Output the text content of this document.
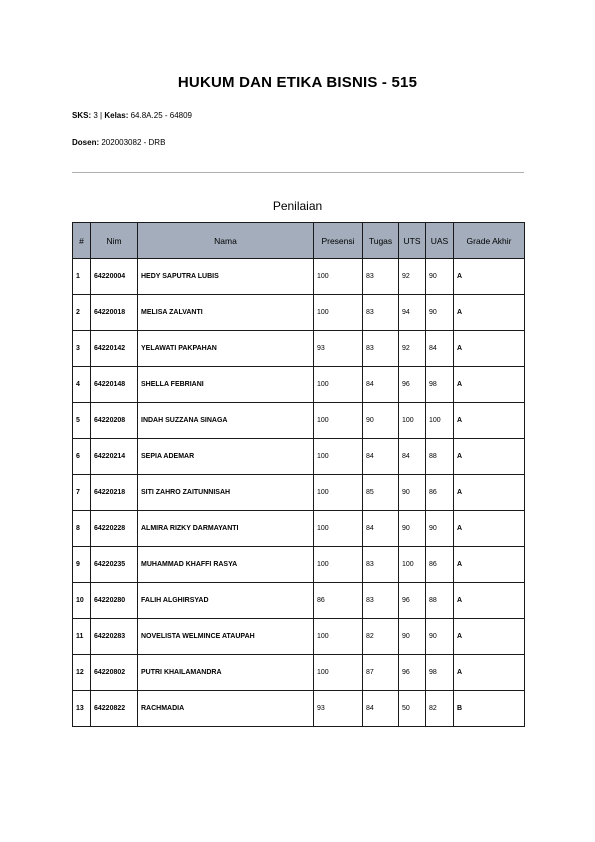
HUKUM DAN ETIKA BISNIS - 515
SKS: 3 | Kelas: 64.8A.25 - 64809
Dosen: 202003082 - DRB
Penilaian
#	Nim	Nama	Presensi	Tugas	UTS	UAS	Grade Akhir
1	64220004	HEDY SAPUTRA LUBIS	100	83	92	90	A
2	64220018	MELISA ZALVANTI	100	83	94	90	A
3	64220142	YELAWATI PAKPAHAN	93	83	92	84	A
4	64220148	SHELLA FEBRIANI	100	84	96	98	A
5	64220208	INDAH SUZZANA SINAGA	100	90	100	100	A
6	64220214	SEPIA ADEMAR	100	84	84	88	A
7	64220218	SITI ZAHRO ZAITUNNISAH	100	85	90	86	A
8	64220228	ALMIRA RIZKY DARMAYANTI	100	84	90	90	A
9	64220235	MUHAMMAD KHAFFI RASYA	100	83	100	86	A
10	64220280	FALIH ALGHIRSYAD	86	83	96	88	A
11	64220283	NOVELISTA WELMINCE ATAUPAH	100	82	90	90	A
12	64220802	PUTRI KHAILAMANDRA	100	87	96	98	A
13	64220822	RACHMADIA	93	84	50	82	B
